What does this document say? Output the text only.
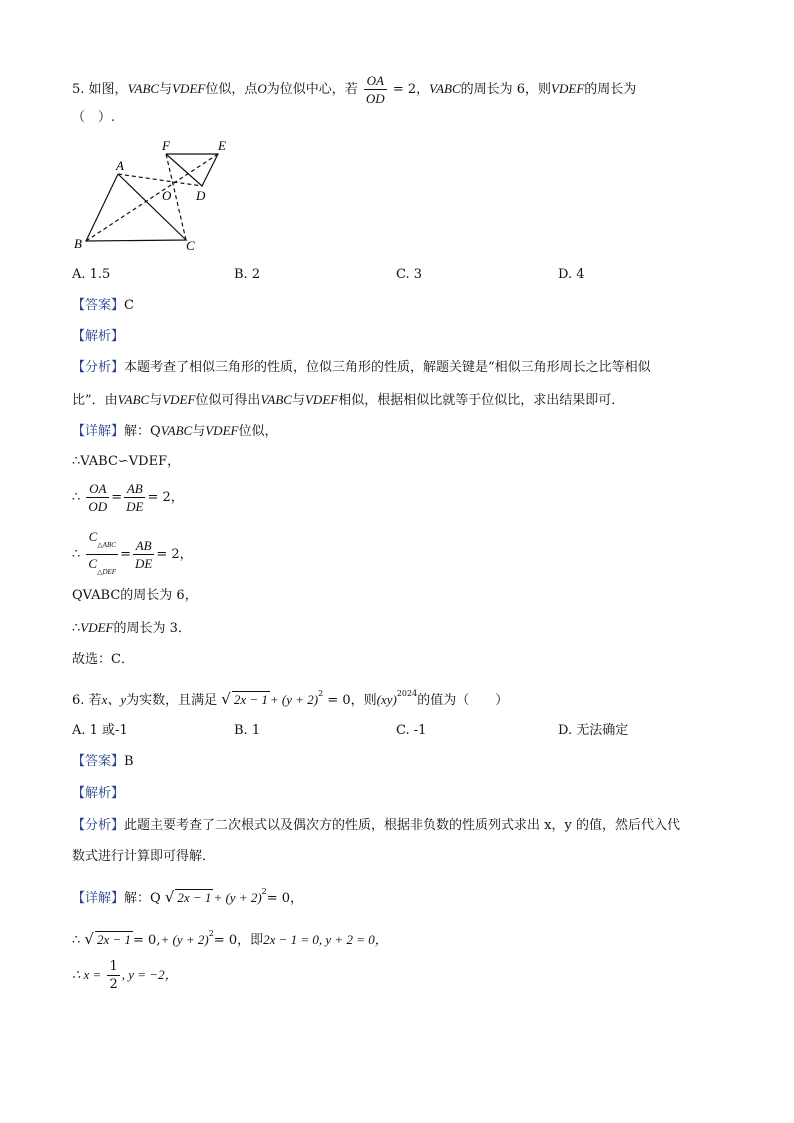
5. 如图，VABC与VDEF位似，点O为位似中心，若 $\frac{OA}{OD} = 2$，VABC的周长为 6，则VDEF的周长为
（　）.
A
B	C
D
E
F
O
A. 1.5	B. 2	C. 3	D. 4
【答案】C
【解析】
【分析】本题考查了相似三角形的性质，位似三角形的性质，解题关键是“相似三角形周长之比等相似
比”．由VABC与VDEF位似可得出VABC与VDEF相似，根据相似比就等于位似比，求出结果即可．
【详解】解：QVABC与VDEF位似，
∴VABC∽VDEF，
∴ $\frac{OA}{OD} = \frac{AB}{DE} = 2$，
∴ $\frac{C_{\triangle ABC}}{C_{\triangle DEF}} = \frac{AB}{DE} = 2$，
QVABC的周长为 6，
∴VDEF的周长为 3．
故选：C．
6. 若x、y为实数，且满足 √ $2x - 1 + (y + 2)^2 = 0$，则(xy)$^{2024}$的值为（　　）
A. 1 或-1	B. 1	C. -1	D. 无法确定
【答案】B
【解析】
【分析】此题主要考查了二次根式以及偶次方的性质，根据非负数的性质列式求出 x，y 的值，然后代入代
数式进行计算即可得解．
【详解】解：Q √ $2x - 1 + (y + 2)^2= 0$，
∴ √ $2x - 1 = 0,+ (y + 2)^2= 0$，即2x − 1 = 0, y + 2 = 0，
∴ $x = \frac{1}{2}$ , y = −2，
